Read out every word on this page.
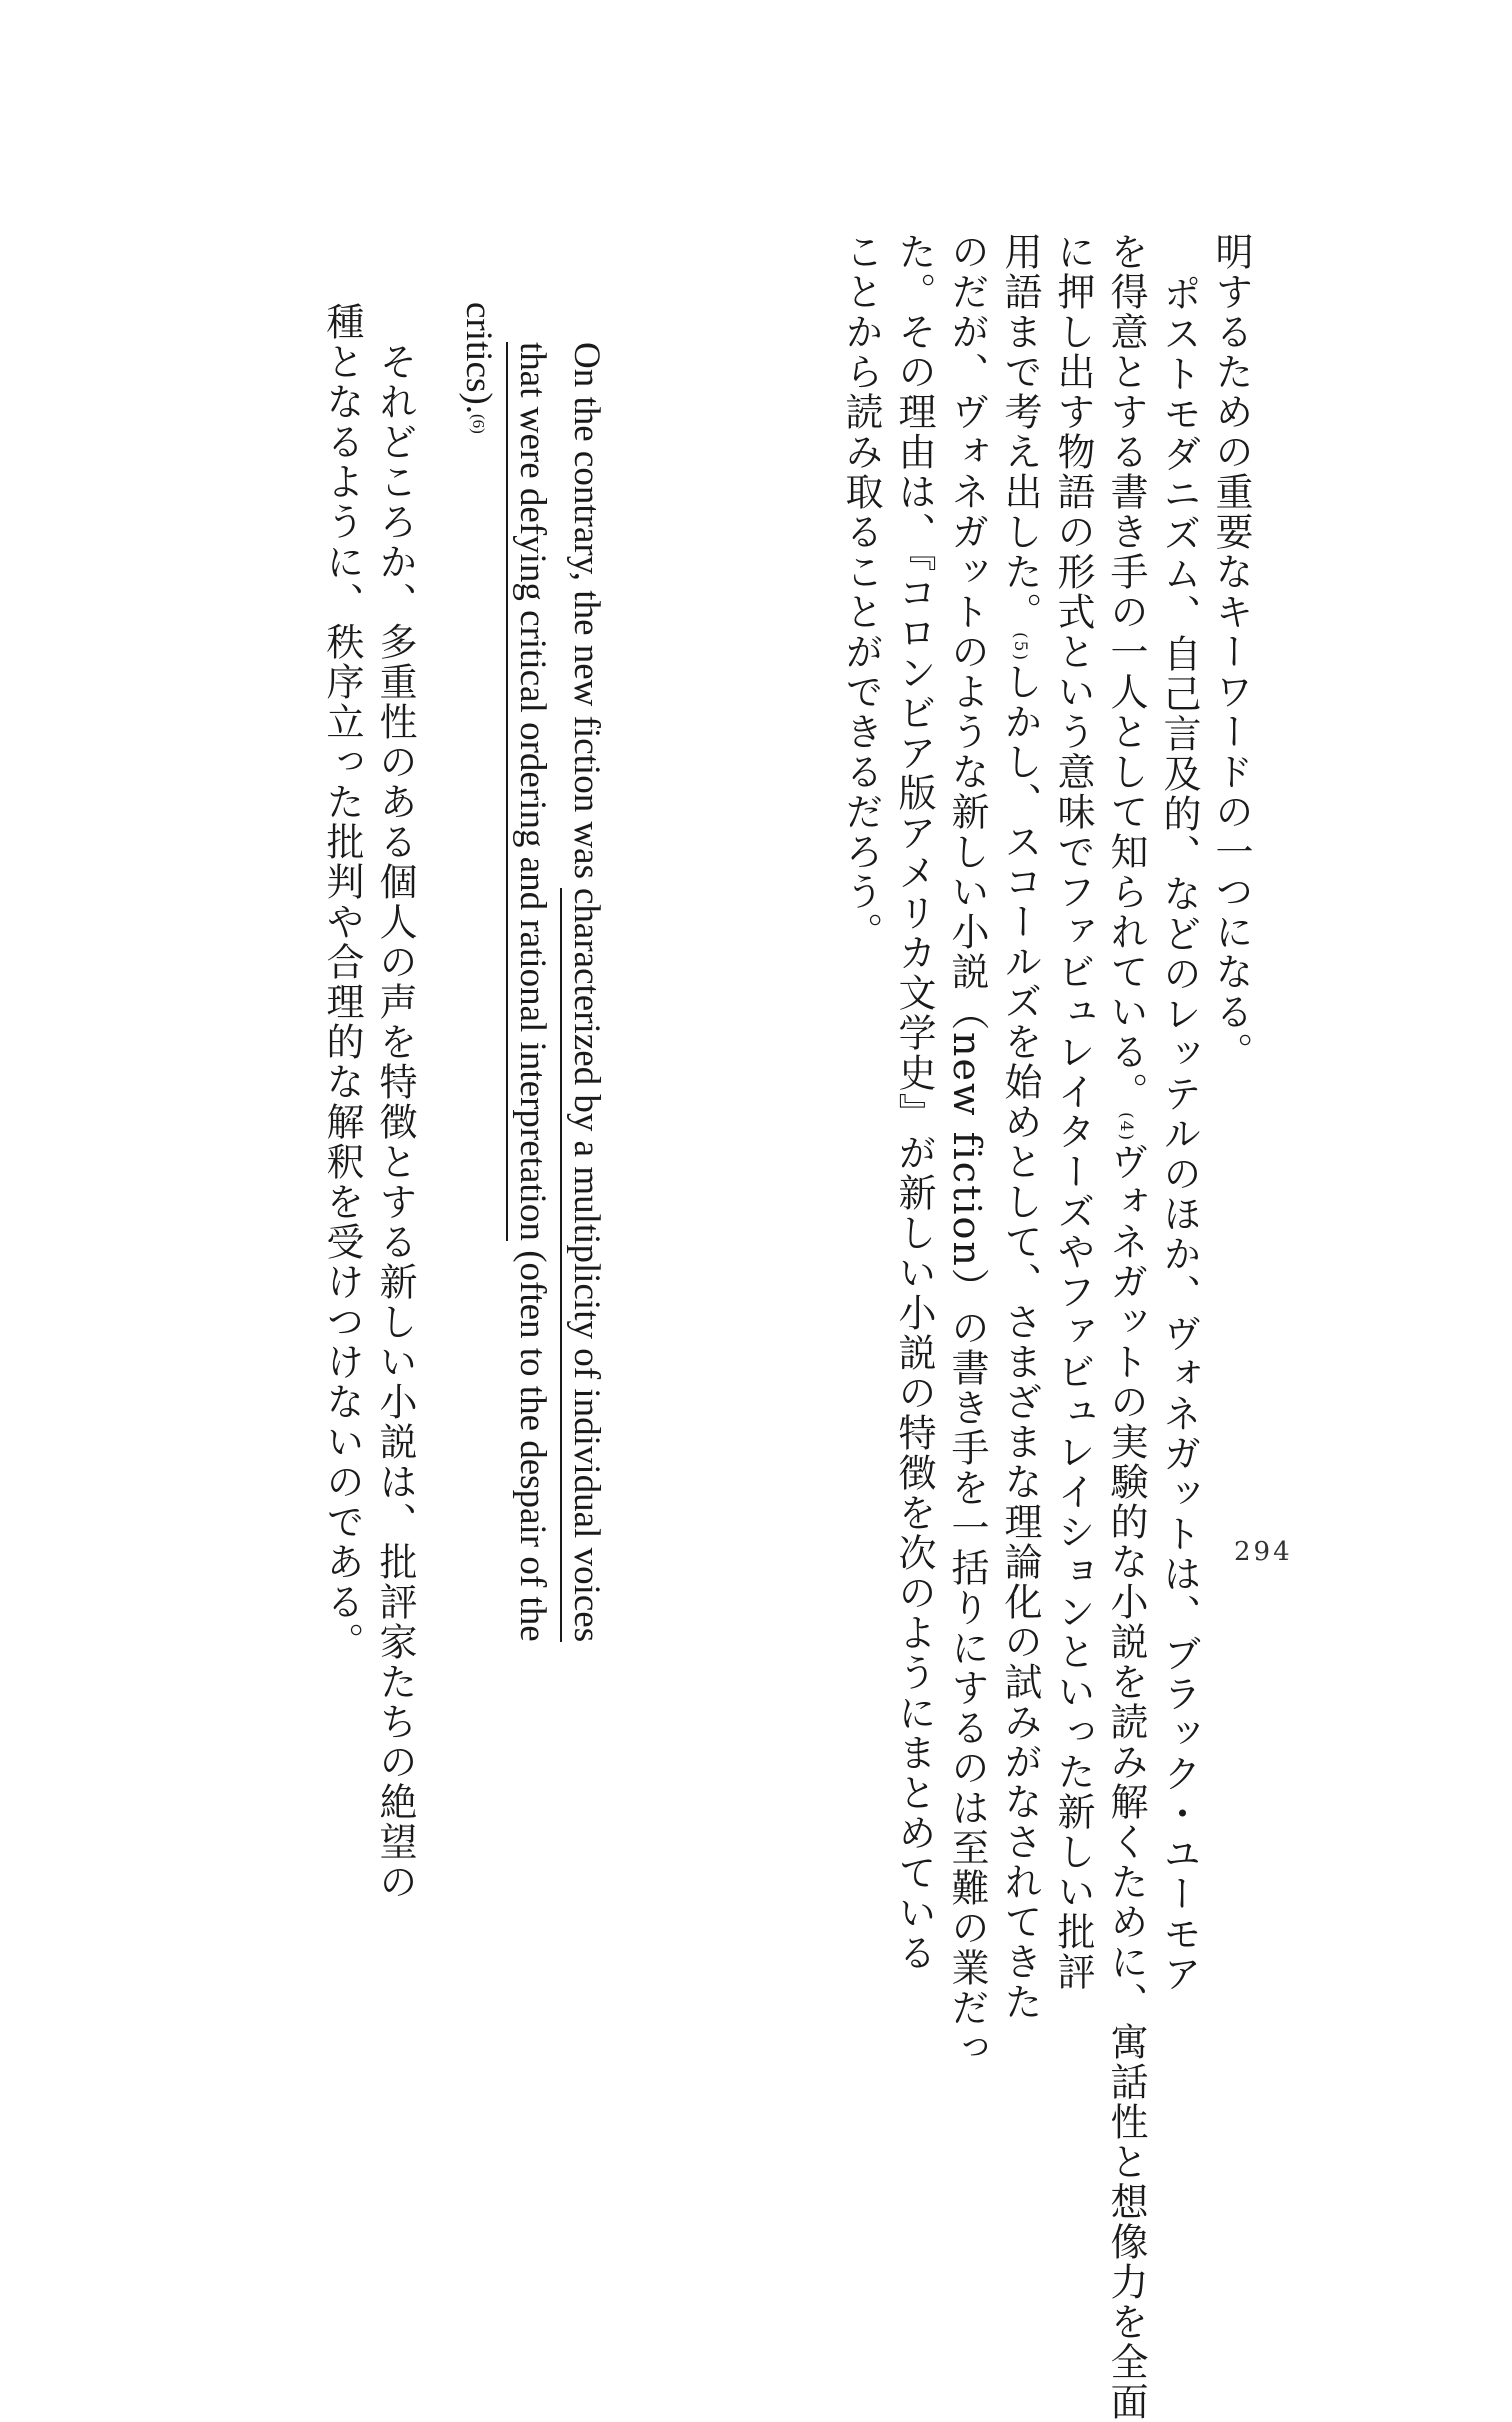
明するための重要なキーワードの一つになる。
ポストモダニズム、自己言及的、などのレッテルのほか、ヴォネガットは、ブラック・ユーモア
を得意とする書き手の一人として知られている。(4)ヴォネガットの実験的な小説を読み解くために、寓話性と想像力を全面
に押し出す物語の形式という意味でファビュレイターズやファビュレイションといった新しい批評
用語まで考え出した。(5)しかし、スコールズを始めとして、さまざまな理論化の試みがなされてきた
のだが、ヴォネガットのような新しい小説（new fiction）の書き手を一括りにするのは至難の業だっ
た。その理由は、『コロンビア版アメリカ文学史』が新しい小説の特徴を次のようにまとめている
ことから読み取ることができるだろう。
On the contrary, the new fiction was characterized by a multiplicity of individual voices
that were defying critical ordering and rational interpretation (often to the despair of the
critics).(6)
それどころか、多重性のある個人の声を特徴とする新しい小説は、批評家たちの絶望の
種となるように、秩序立った批判や合理的な解釈を受けつけないのである。	294
